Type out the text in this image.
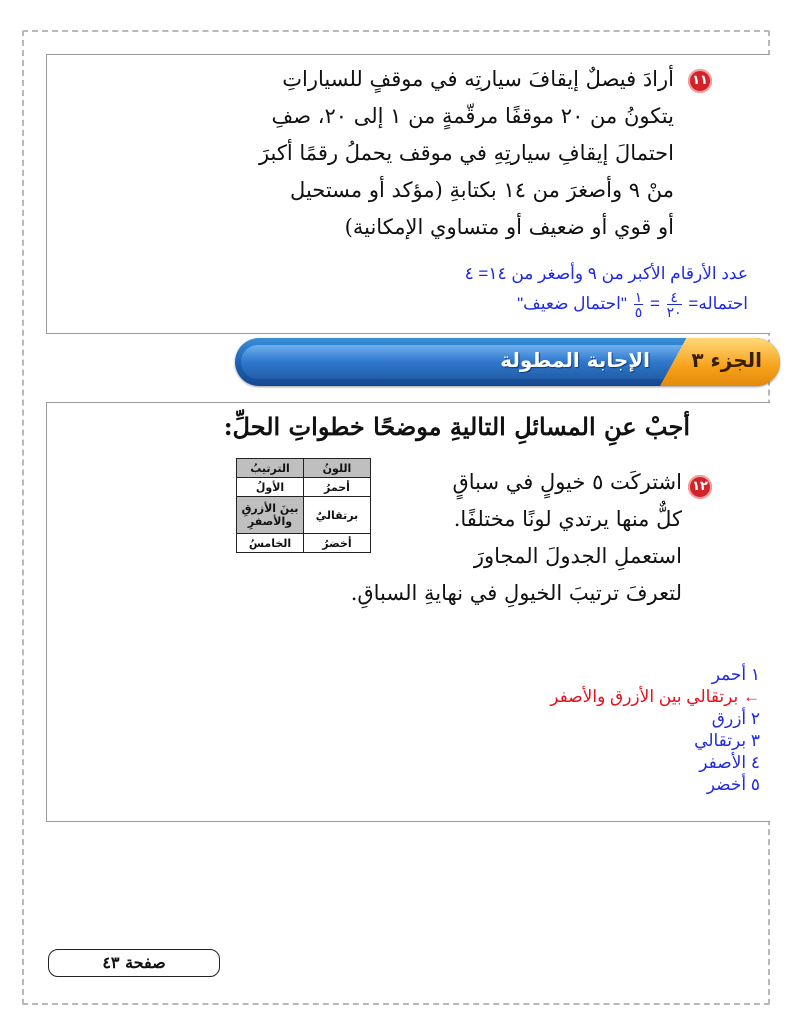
١١
أرادَ فيصلٌ إيقافَ سيارتِه في موقفٍ للسياراتِ
يتكونُ من ٢٠ موقفًا مرقّمةٍ من ١ إلى ٢٠، صفِ
احتمالَ إيقافِ سيارتِهِ في موقف يحملُ رقمًا أكبرَ
منْ ٩ وأصغرَ من ١٤ بكتابةِ (مؤكد أو مستحيل
أو قوي أو ضعيف أو متساوي الإمكانية)
عدد الأرقام الأكبر من ٩ وأصغر من ١٤= ٤
احتماله=
$\frac{٤}{٢٠}$
=
$\frac{١}{٥}$
"احتمال ضعيف"
الجزء ٣
الإجابة المطولة
أجبْ عنِ المسائلِ التاليةِ موضحًا خطواتِ الحلِّ:
اللونُ	الترتيبُ
أحمرُ	الأولُ
برتقاليٌ	بينَ الأزرقِ والأصفرِ
أخضرُ	الخامسُ
١٢
اشتركَت ٥ خيولٍ في سباقٍ
كلٌّ منها يرتدي لونًا مختلفًا.
استعملِ الجدولَ المجاورَ
لتعرفَ ترتيبَ الخيولِ في نهايةِ السباقِ.
١ أحمر
← برتقالي بين الأزرق والأصفر
٢ أزرق
٣ برتقالي
٤ الأصفر
٥ أخضر
صفحة ٤٣
